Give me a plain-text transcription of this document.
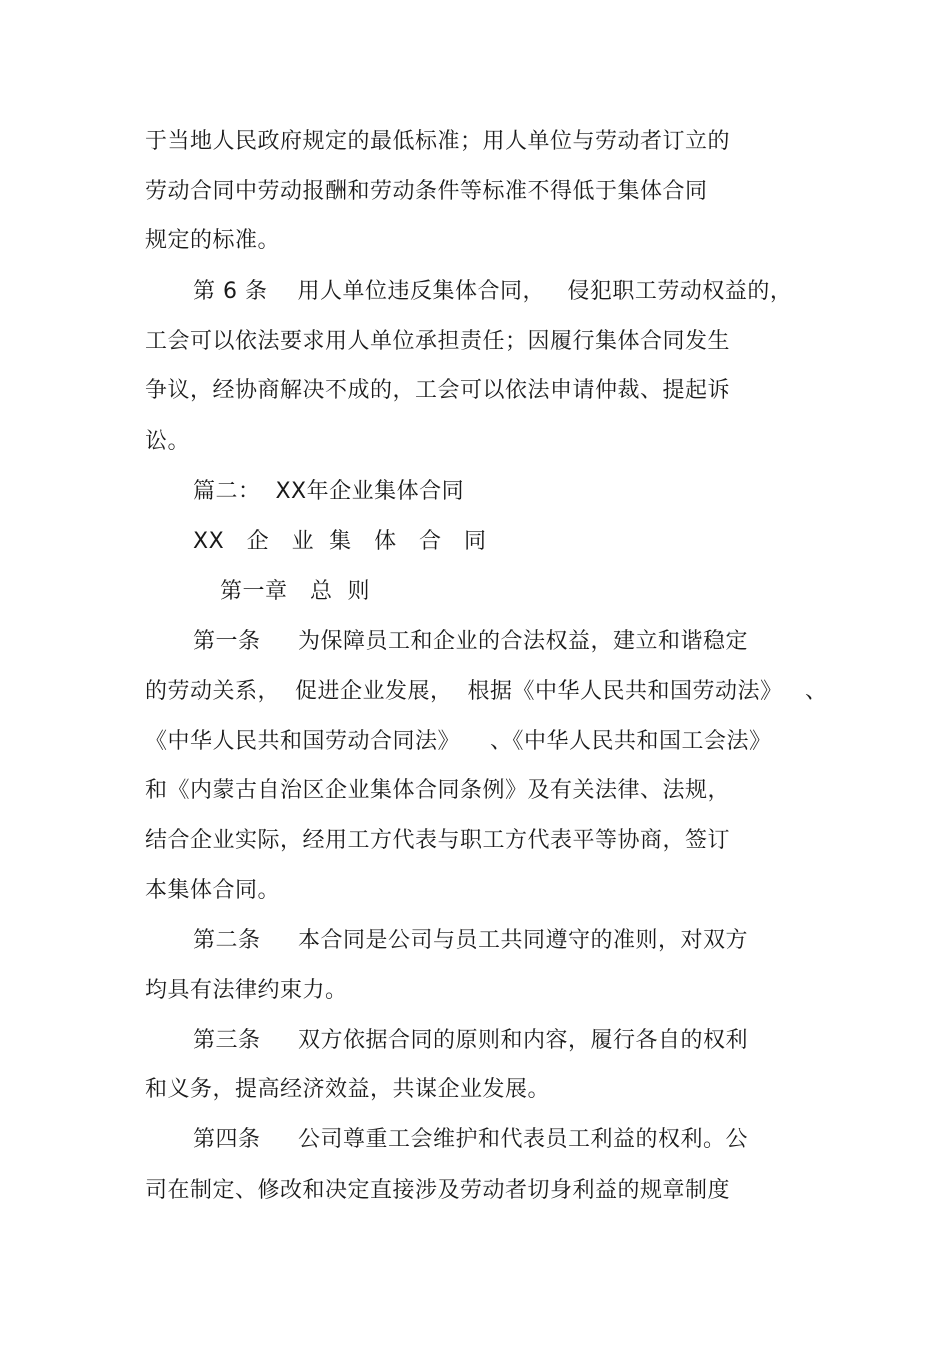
于当地人民政府规定的最低标准；用人单位与劳动者订立的
劳动合同中劳动报酬和劳动条件等标准不得低于集体合同
规定的标准。
第 6 条    用人单位违反集体合同，   侵犯职工劳动权益的，
工会可以依法要求用人单位承担责任；因履行集体合同发生
争议，经协商解决不成的，工会可以依法申请仲裁、提起诉
讼。
篇二：  XX年企业集体合同
XX   企   业  集   体   合   同
第一章   总  则
第一条     为保障员工和企业的合法权益，建立和谐稳定
的劳动关系，  促进企业发展，  根据《中华人民共和国劳动法》   、
《中华人民共和国劳动合同法》    、《中华人民共和国工会法》
和《内蒙古自治区企业集体合同条例》及有关法律、法规，
结合企业实际，经用工方代表与职工方代表平等协商，签订
本集体合同。
第二条     本合同是公司与员工共同遵守的准则，对双方
均具有法律约束力。
第三条     双方依据合同的原则和内容，履行各自的权利
和义务，提高经济效益，共谋企业发展。
第四条     公司尊重工会维护和代表员工利益的权利。公
司在制定、修改和决定直接涉及劳动者切身利益的规章制度
